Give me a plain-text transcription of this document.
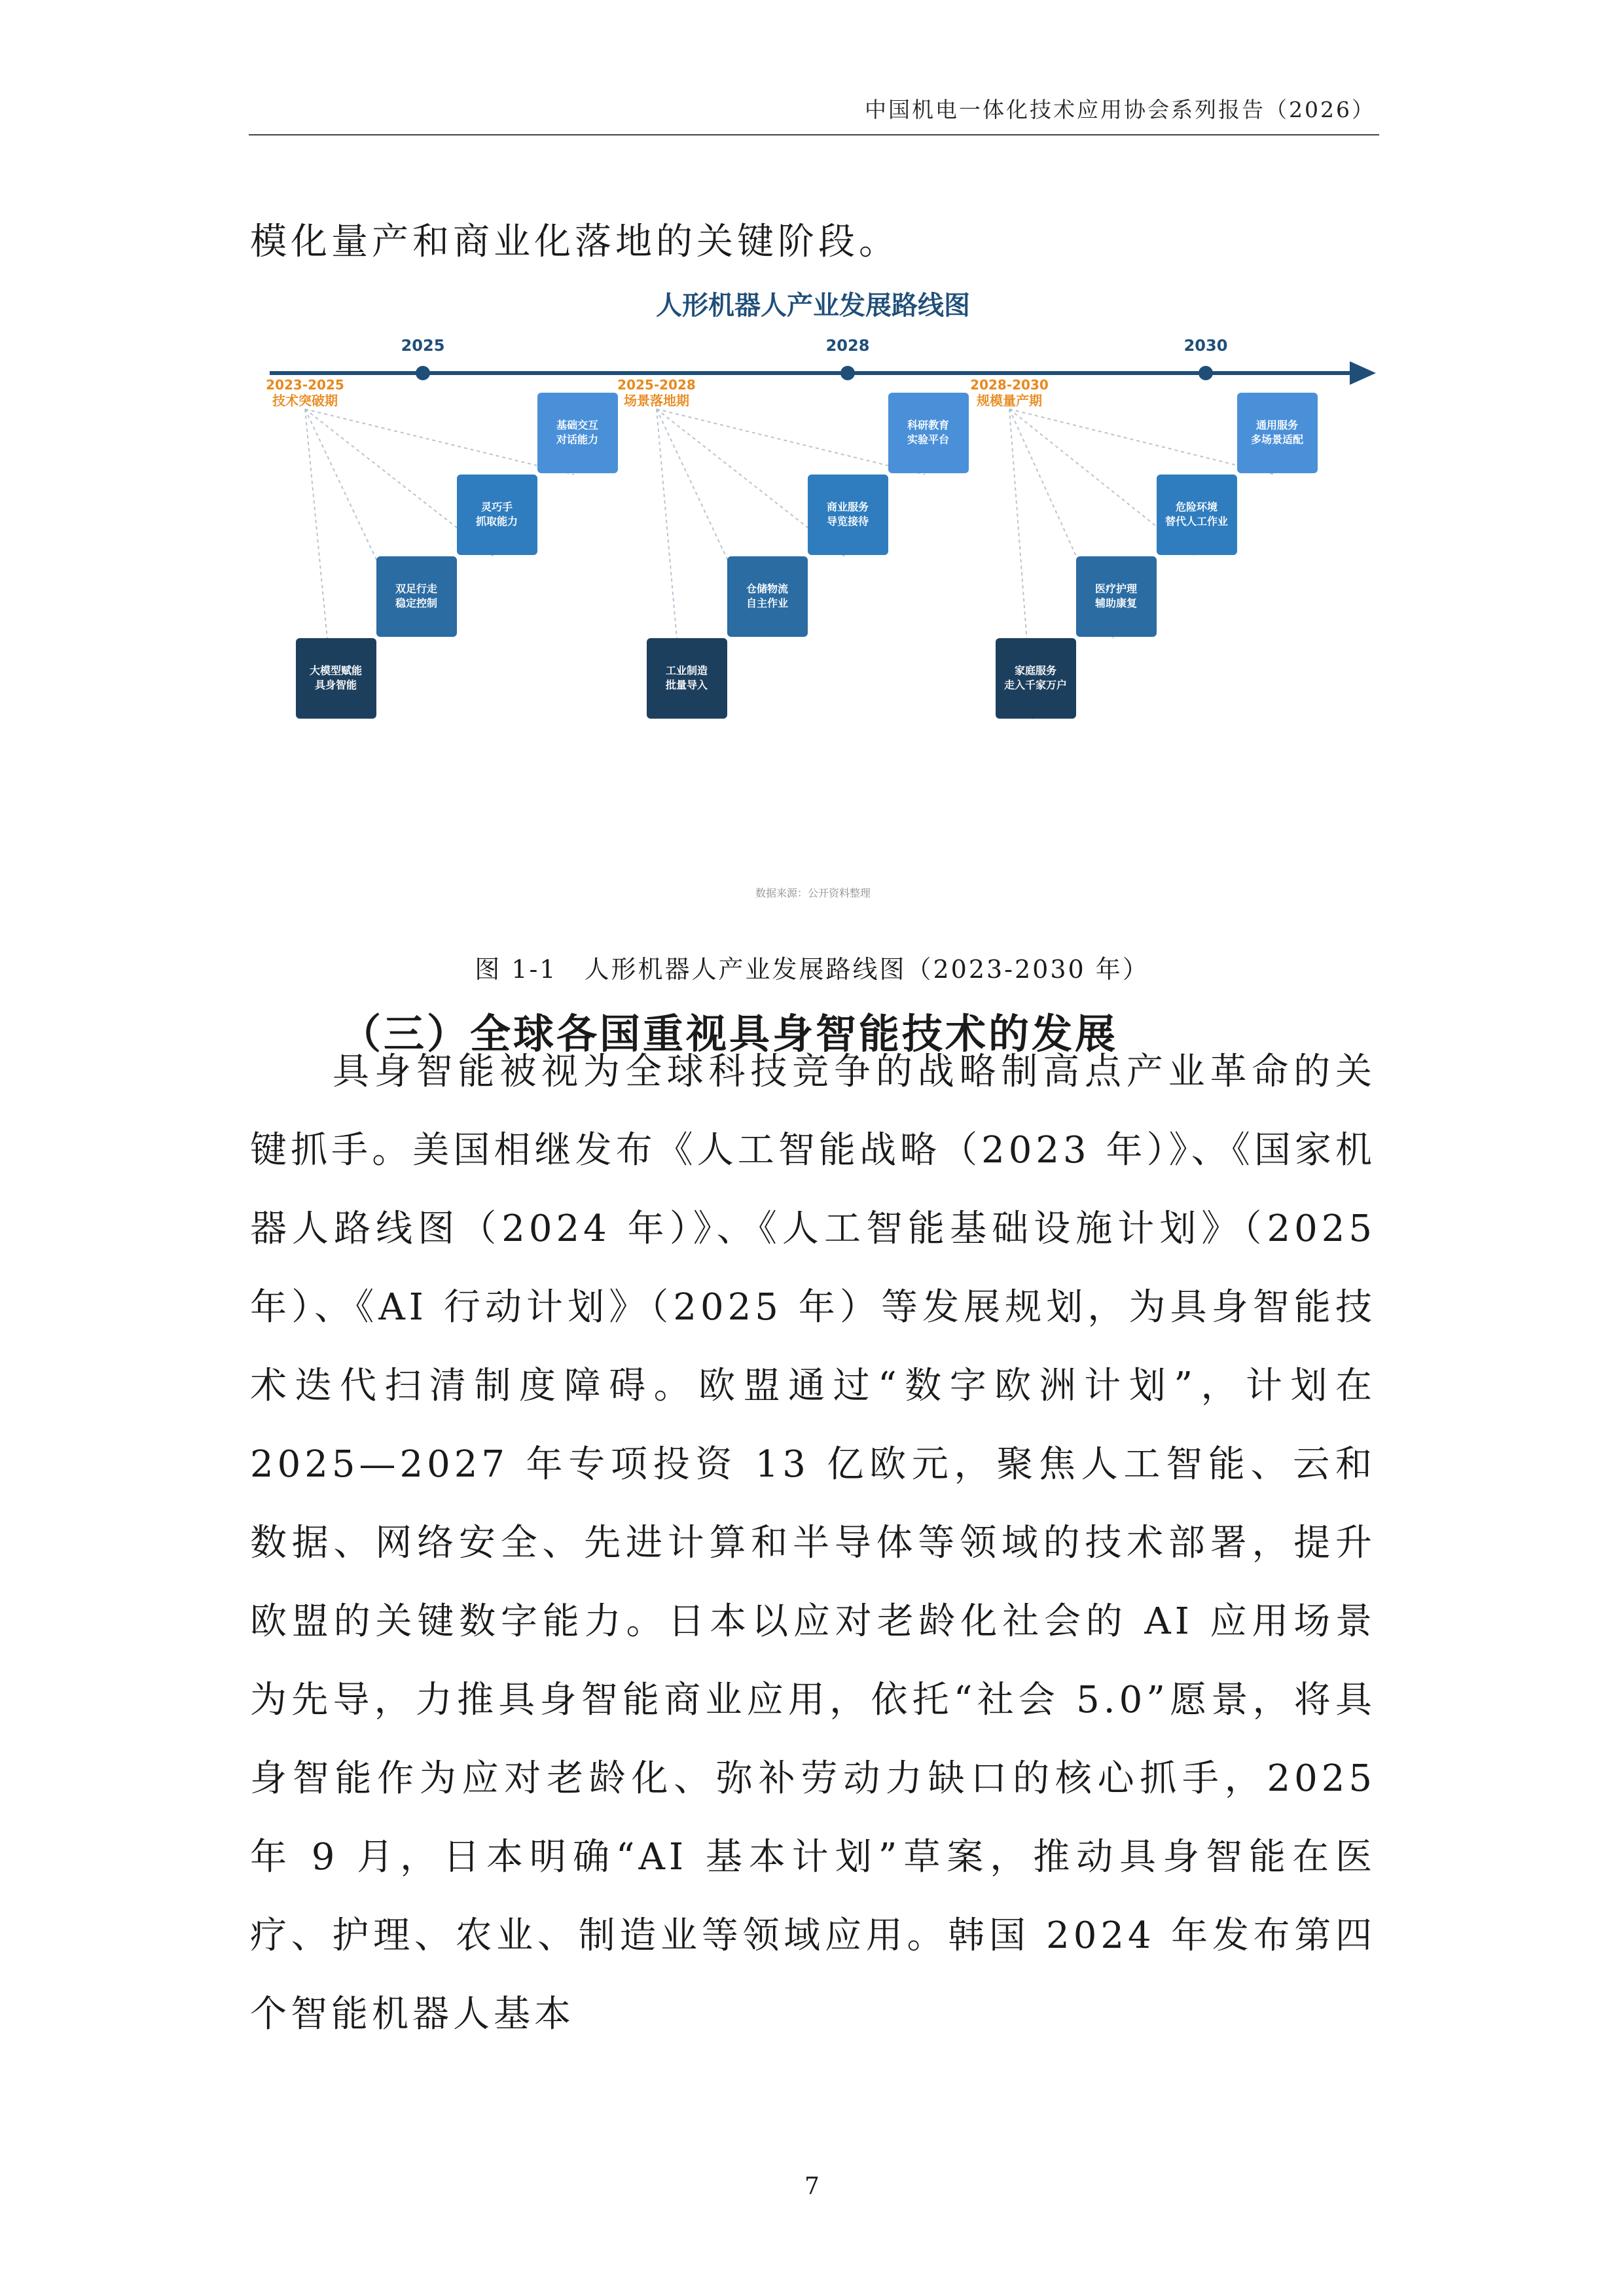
中国机电一体化技术应用协会系列报告（2026）
模化量产和商业化落地的关键阶段。
人形机器人产业发展路线图
2025	2028	2030
2023-2025
技术突破期
2025-2028
场景落地期
2028-2030
规模量产期
大模型赋能
具身智能
双足行走
稳定控制
灵巧手
抓取能力
基础交互
对话能力
工业制造
批量导入
仓储物流
自主作业
商业服务
导览接待
科研教育
实验平台
家庭服务
走入千家万户
医疗护理
辅助康复
危险环境
替代人工作业
通用服务
多场景适配
数据来源：公开资料整理
图 1-1　人形机器人产业发展路线图（2023-2030 年）
（三）全球各国重视具身智能技术的发展
具身智能被视为全球科技竞争的战略制高点产业革命的关键抓手。美国相继发布《人工智能战略（2023 年）》、《国家机器人路线图（2024 年）》、《人工智能基础设施计划》（2025 年）、《AI 行动计划》（2025 年）等发展规划，为具身智能技术迭代扫清制度障碍。欧盟通过“数字欧洲计划”，计划在 2025—2027 年专项投资 13 亿欧元，聚焦人工智能、云和数据、网络安全、先进计算和半导体等领域的技术部署，提升欧盟的关键数字能力。日本以应对老龄化社会的 AI 应用场景为先导，力推具身智能商业应用，依托“社会 5.0”愿景，将具身智能作为应对老龄化、弥补劳动力缺口的核心抓手，2025 年 9 月，日本明确“AI 基本计划”草案，推动具身智能在医疗、护理、农业、制造业等领域应用。韩国 2024 年发布第四个智能机器人基本
7
